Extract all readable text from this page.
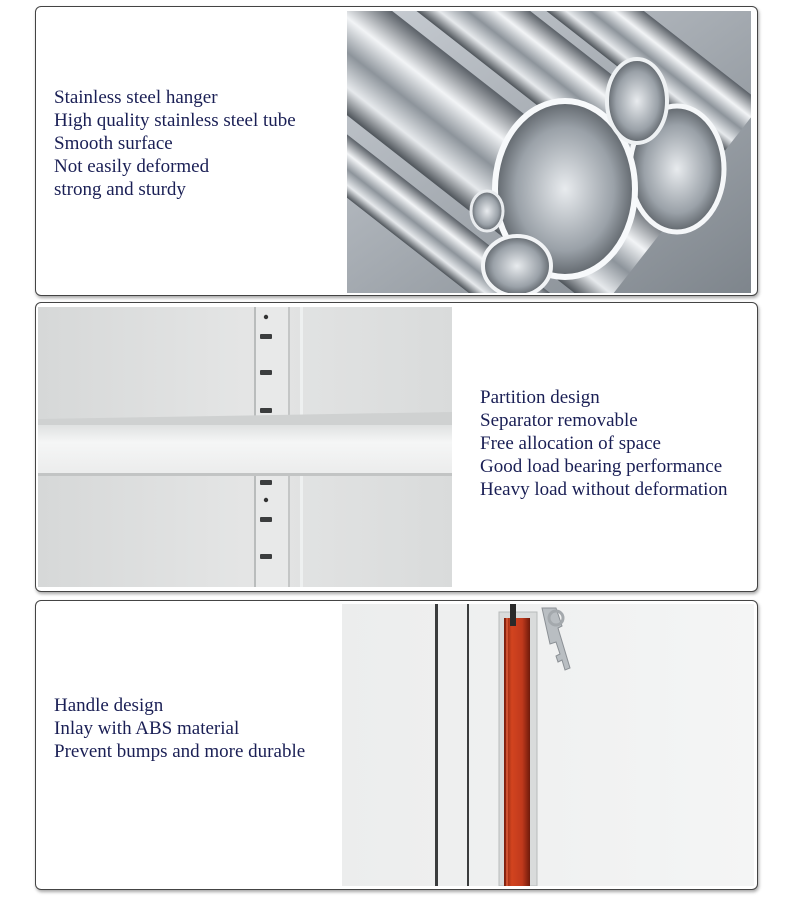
Stainless steel hanger
High quality stainless steel tube
Smooth surface
Not easily deformed
strong and sturdy
Partition design
Separator removable
Free allocation of space
Good load bearing performance
Heavy load without deformation
Handle design
Inlay with ABS material
Prevent bumps and more durable
